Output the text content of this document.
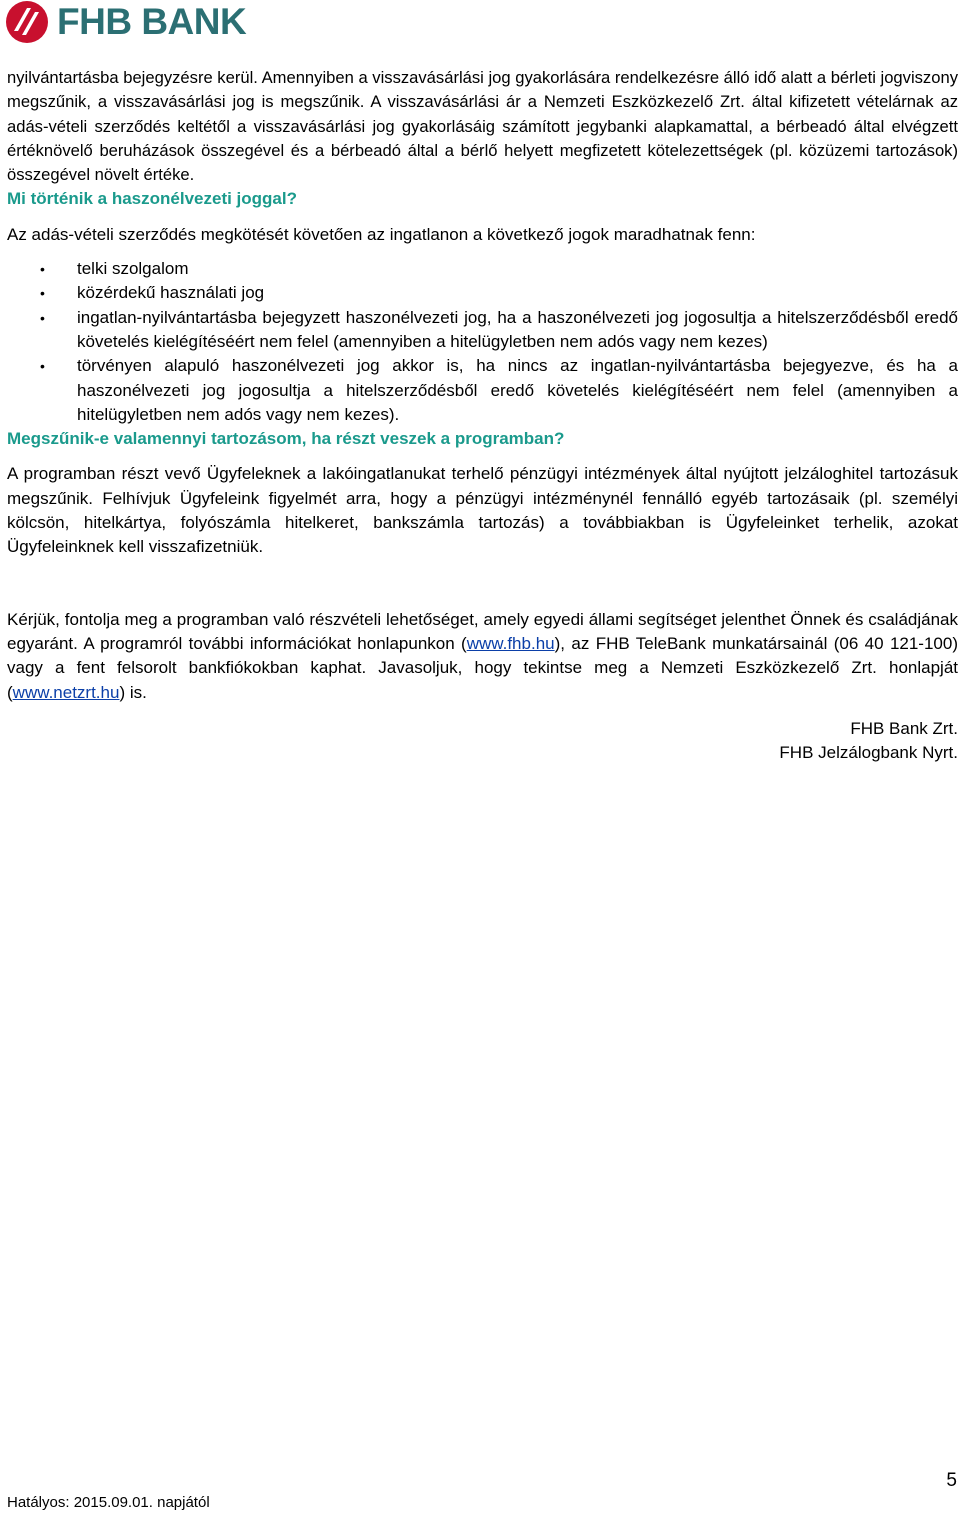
FHB BANK

nyilvántartásba bejegyzésre kerül. Amennyiben a visszavásárlási jog gyakorlására rendelkezésre álló idő alatt a bérleti jogviszony megszűnik, a visszavásárlási jog is megszűnik. A visszavásárlási ár a Nemzeti Eszközkezelő Zrt. által kifizetett vételárnak az adás-vételi szerződés keltétől a visszavásárlási jog gyakorlásáig számított jegybanki alapkamattal, a bérbeadó által elvégzett értéknövelő beruházások összegével és a bérbeadó által a bérlő helyett megfizetett kötelezettségek (pl. közüzemi tartozások) összegével növelt értéke.

Mi történik a haszonélvezeti joggal?

Az adás-vételi szerződés megkötését követően az ingatlanon a következő jogok maradhatnak fenn:

• telki szolgalom
• közérdekű használati jog
• ingatlan-nyilvántartásba bejegyzett haszonélvezeti jog, ha a haszonélvezeti jog jogosultja a hitelszerződésből eredő követelés kielégítéséért nem felel (amennyiben a hitelügyletben nem adós vagy nem kezes)
• törvényen alapuló haszonélvezeti jog akkor is, ha nincs az ingatlan-nyilvántartásba bejegyezve, és ha a haszonélvezeti jog jogosultja a hitelszerződésből eredő követelés kielégítéséért nem felel (amennyiben a hitelügyletben nem adós vagy nem kezes).

Megszűnik-e valamennyi tartozásom, ha részt veszek a programban?

A programban részt vevő Ügyfeleknek a lakóingatlanukat terhelő pénzügyi intézmények által nyújtott jelzáloghitel tartozásuk megszűnik. Felhívjuk Ügyfeleink figyelmét arra, hogy a pénzügyi intézménynél fennálló egyéb tartozásaik (pl. személyi kölcsön, hitelkártya, folyószámla hitelkeret, bankszámla tartozás) a továbbiakban is Ügyfeleinket terhelik, azokat Ügyfeleinknek kell visszafizetniük.

Kérjük, fontolja meg a programban való részvételi lehetőséget, amely egyedi állami segítséget jelenthet Önnek és családjának egyaránt. A programról további információkat honlapunkon (www.fhb.hu), az FHB TeleBank munkatársainál (06 40 121-100) vagy a fent felsorolt bankfiókokban kaphat. Javasoljuk, hogy tekintse meg a Nemzeti Eszközkezelő Zrt. honlapját (www.netzrt.hu) is.

FHB Bank Zrt.
FHB Jelzálogbank Nyrt.
5
Hatályos: 2015.09.01. napjától
